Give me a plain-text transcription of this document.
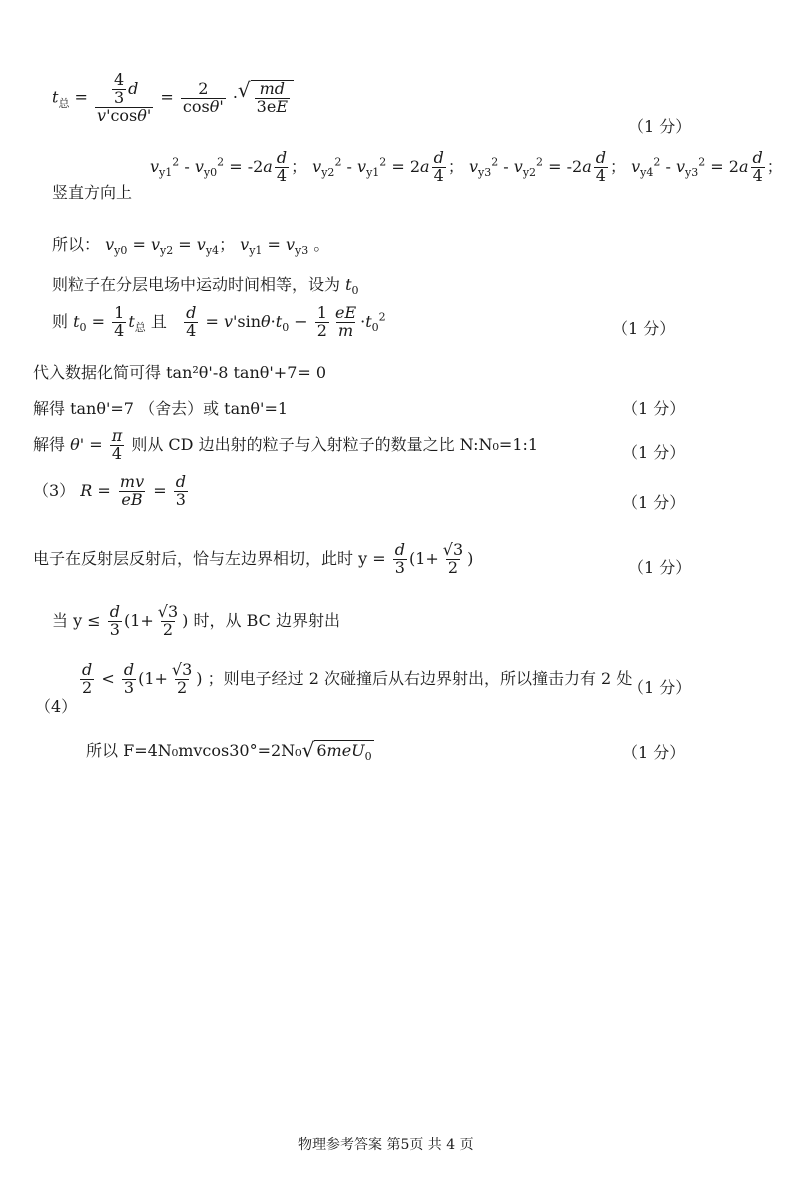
$t_总 = \frac{\frac{4}{3} d}{v'\cos\theta'} = \frac{2}{\cos\theta'}$ · √ $\frac{md}{3eE}$
（1 分）
竖直方向上
$v_{y1}^2 - v_{y0}^2 = -2a \frac{d}{4}$ ； $v_{y2}^2 - v_{y1}^2 = 2a \frac{d}{4}$ ； $v_{y3}^2 - v_{y2}^2 = -2a \frac{d}{4}$ ； $v_{y4}^2 - v_{y3}^2 = 2a \frac{d}{4}$ ；
所以： $v_{y0} = v_{y2} = v_{y4}$； $v_{y1} = v_{y3}$ 。
则粒子在分层电场中运动时间相等，设为 $t_0$
则 $t_0 = \frac{1}{4} t_总$ 且 $\frac{d}{4} = v'\sin\theta\cdot t_0 - \frac{1}{2} \frac{eE}{m} \cdot t_0^2$
（1 分）
代入数据化简可得 tan²θ'-8 tanθ'+7= 0
解得 tanθ'=7 （舍去）或 tanθ'=1	（1 分）
解得 $\theta' = \frac{\pi}{4}$ 则从 CD 边出射的粒子与入射粒子的数量之比 N:N₀=1:1	（1 分）
（3） $R = \frac{mv}{eB} = \frac{d}{3}$	（1 分）
电子在反射层反射后，恰与左边界相切，此时 $y = \frac{d}{3} (1+ \frac{√3}{2}$ )	（1 分）
当 $y \le \frac{d}{3} (1+ \frac{√3}{2}$ ) 时，从 BC 边界射出
（4）
$\frac{d}{2} < \frac{d}{3} (1+ \frac{√3}{2}$ ) ；则电子经过 2 次碰撞后从右边界射出，所以撞击力有 2 处
（1 分）
所以 F=4N₀mvcos30°=2N₀ √ 6meU$_0$	（1 分）
物理参考答案 第5页 共 4 页
